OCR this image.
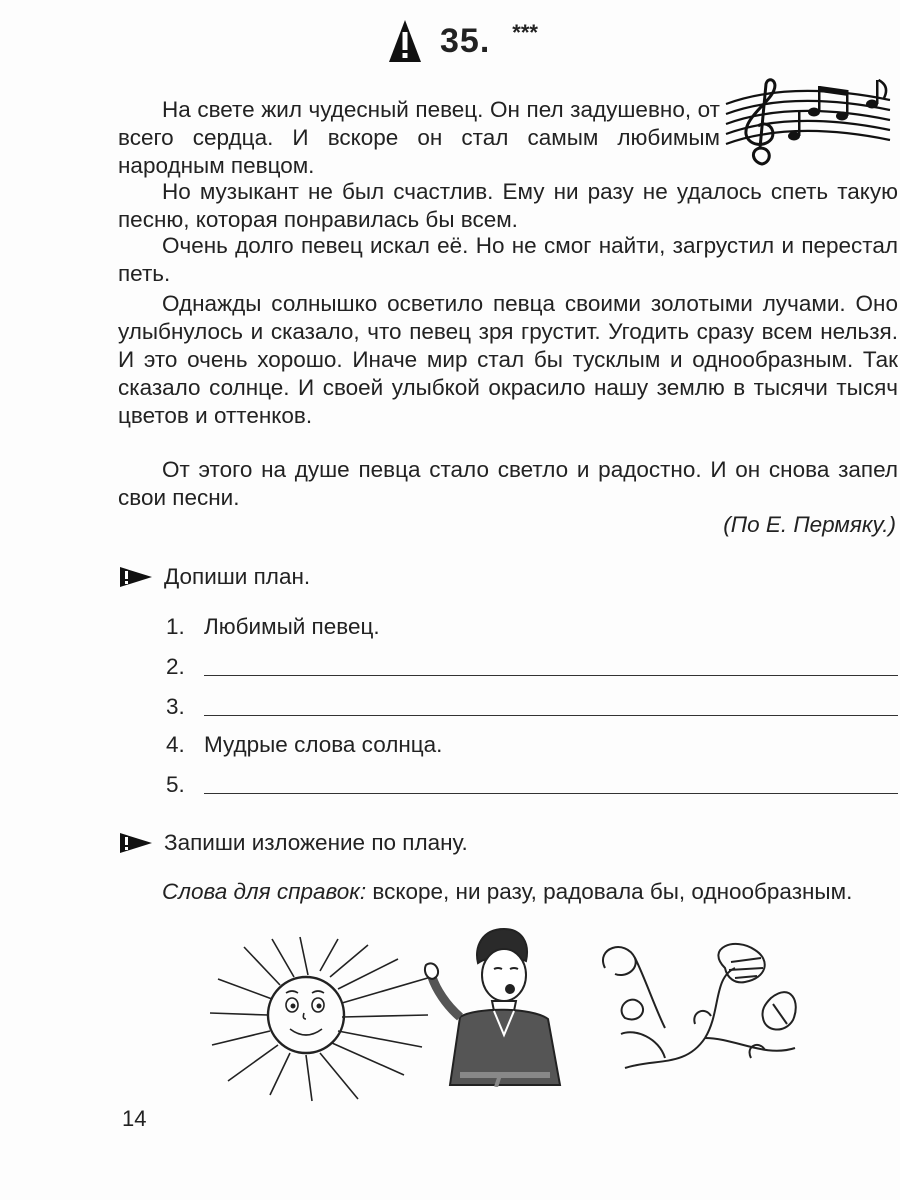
35. ***

На свете жил чудесный певец. Он пел задушевно, от всего сердца. И вскоре он стал самым любимым народным певцом.

Но музыкант не был счастлив. Ему ни разу не удалось спеть такую песню, которая понравилась бы всем.

Очень долго певец искал её. Но не смог найти, загрустил и перестал петь.

Однажды солнышко осветило певца своими золотыми лучами. Оно улыбнулось и сказало, что певец зря грустит. Угодить сразу всем нельзя. И это очень хорошо. Иначе мир стал бы тусклым и однообразным. Так сказало солнце. И своей улыбкой окрасило нашу землю в тысячи тысяч цветов и оттенков.

От этого на душе певца стало светло и радостно. И он снова запел свои песни.

(По Е. Пермяку.)
Допиши план.
1. Любимый певец.
2.
3.
4. Мудрые слова солнца.
5.
Запиши изложение по плану.

Слова для справок: вскоре, ни разу, радовала бы, однообразным.

14
